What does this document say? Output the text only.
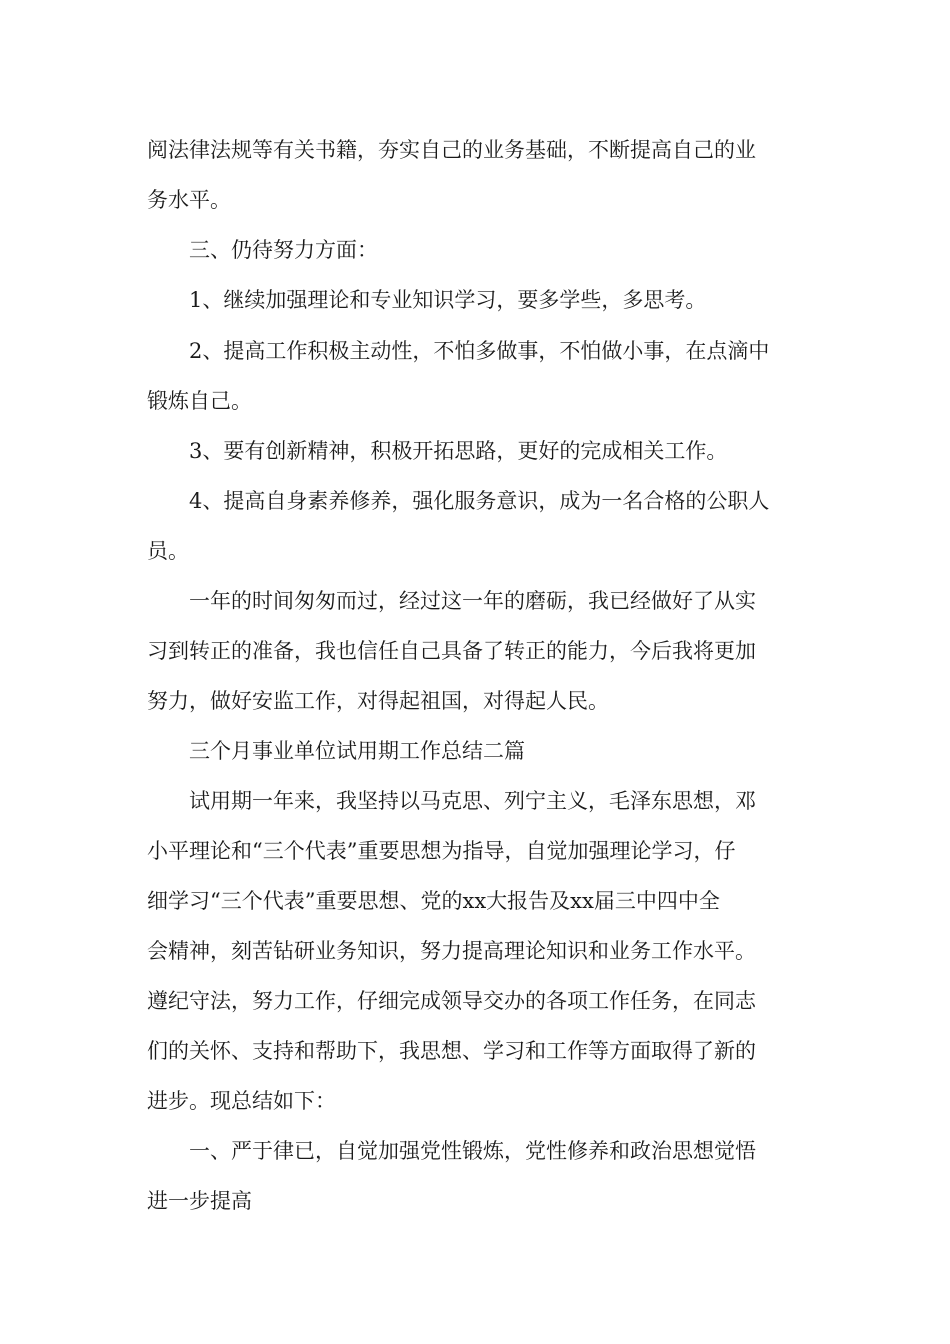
阅法律法规等有关书籍，夯实自己的业务基础，不断提高自己的业
务水平。
三、仍待努力方面：
1、继续加强理论和专业知识学习，要多学些，多思考。
2、提高工作积极主动性，不怕多做事，不怕做小事，在点滴中
锻炼自己。
3、要有创新精神，积极开拓思路，更好的完成相关工作。
4、提高自身素养修养，强化服务意识，成为一名合格的公职人
员。
一年的时间匆匆而过，经过这一年的磨砺，我已经做好了从实
习到转正的准备，我也信任自己具备了转正的能力，今后我将更加
努力，做好安监工作，对得起祖国，对得起人民。
三个月事业单位试用期工作总结二篇
试用期一年来，我坚持以马克思、列宁主义，毛泽东思想，邓
小平理论和“三个代表”重要思想为指导，自觉加强理论学习，仔
细学习“三个代表”重要思想、党的xx大报告及xx届三中四中全
会精神，刻苦钻研业务知识，努力提高理论知识和业务工作水平。
遵纪守法，努力工作，仔细完成领导交办的各项工作任务，在同志
们的关怀、支持和帮助下，我思想、学习和工作等方面取得了新的
进步。现总结如下：
一、严于律已，自觉加强党性锻炼，党性修养和政治思想觉悟
进一步提高
